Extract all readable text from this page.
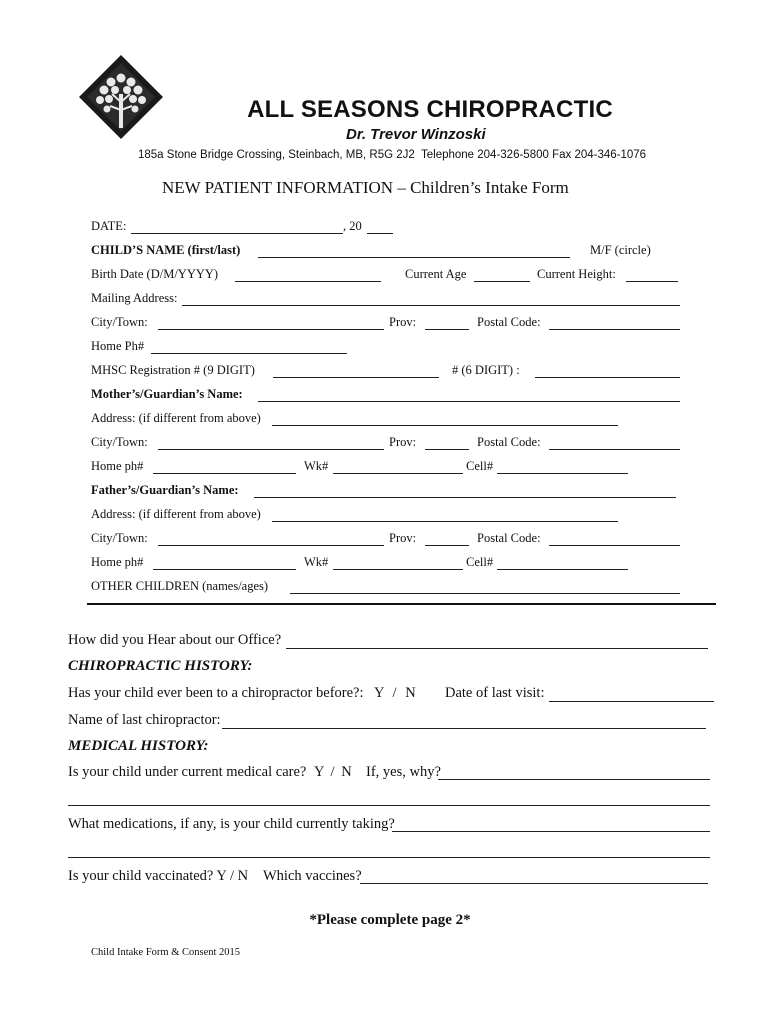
ALL SEASONS CHIROPRACTIC
Dr. Trevor Winzoski
185a Stone Bridge Crossing, Steinbach, MB, R5G 2J2 Telephone 204-326-5800 Fax 204-346-1076
NEW PATIENT INFORMATION – Children’s Intake Form
DATE:	, 20
CHILD’S NAME (first/last)	M/F (circle)
Birth Date (D/M/YYYY)	Current Age	Current Height:
Mailing Address:
City/Town:	Prov:	Postal Code:
Home Ph#
MHSC Registration # (9 DIGIT)	# (6 DIGIT) :
Mother’s/Guardian’s Name:
Address: (if different from above)
City/Town:	Prov:	Postal Code:
Home ph#	Wk#	Cell#
Father’s/Guardian’s Name:
Address: (if different from above)
City/Town:	Prov:	Postal Code:
Home ph#	Wk#	Cell#
OTHER CHILDREN (names/ages)
How did you Hear about our Office?
CHIROPRACTIC HISTORY:
Has your child ever been to a chiropractor before?: Y / N Date of last visit:
Name of last chiropractor:
MEDICAL HISTORY:
Is your child under current medical care? Y / N If, yes, why?
What medications, if any, is your child currently taking?
Is your child vaccinated? Y / N Which vaccines?
*Please complete page 2*
Child Intake Form & Consent 2015
